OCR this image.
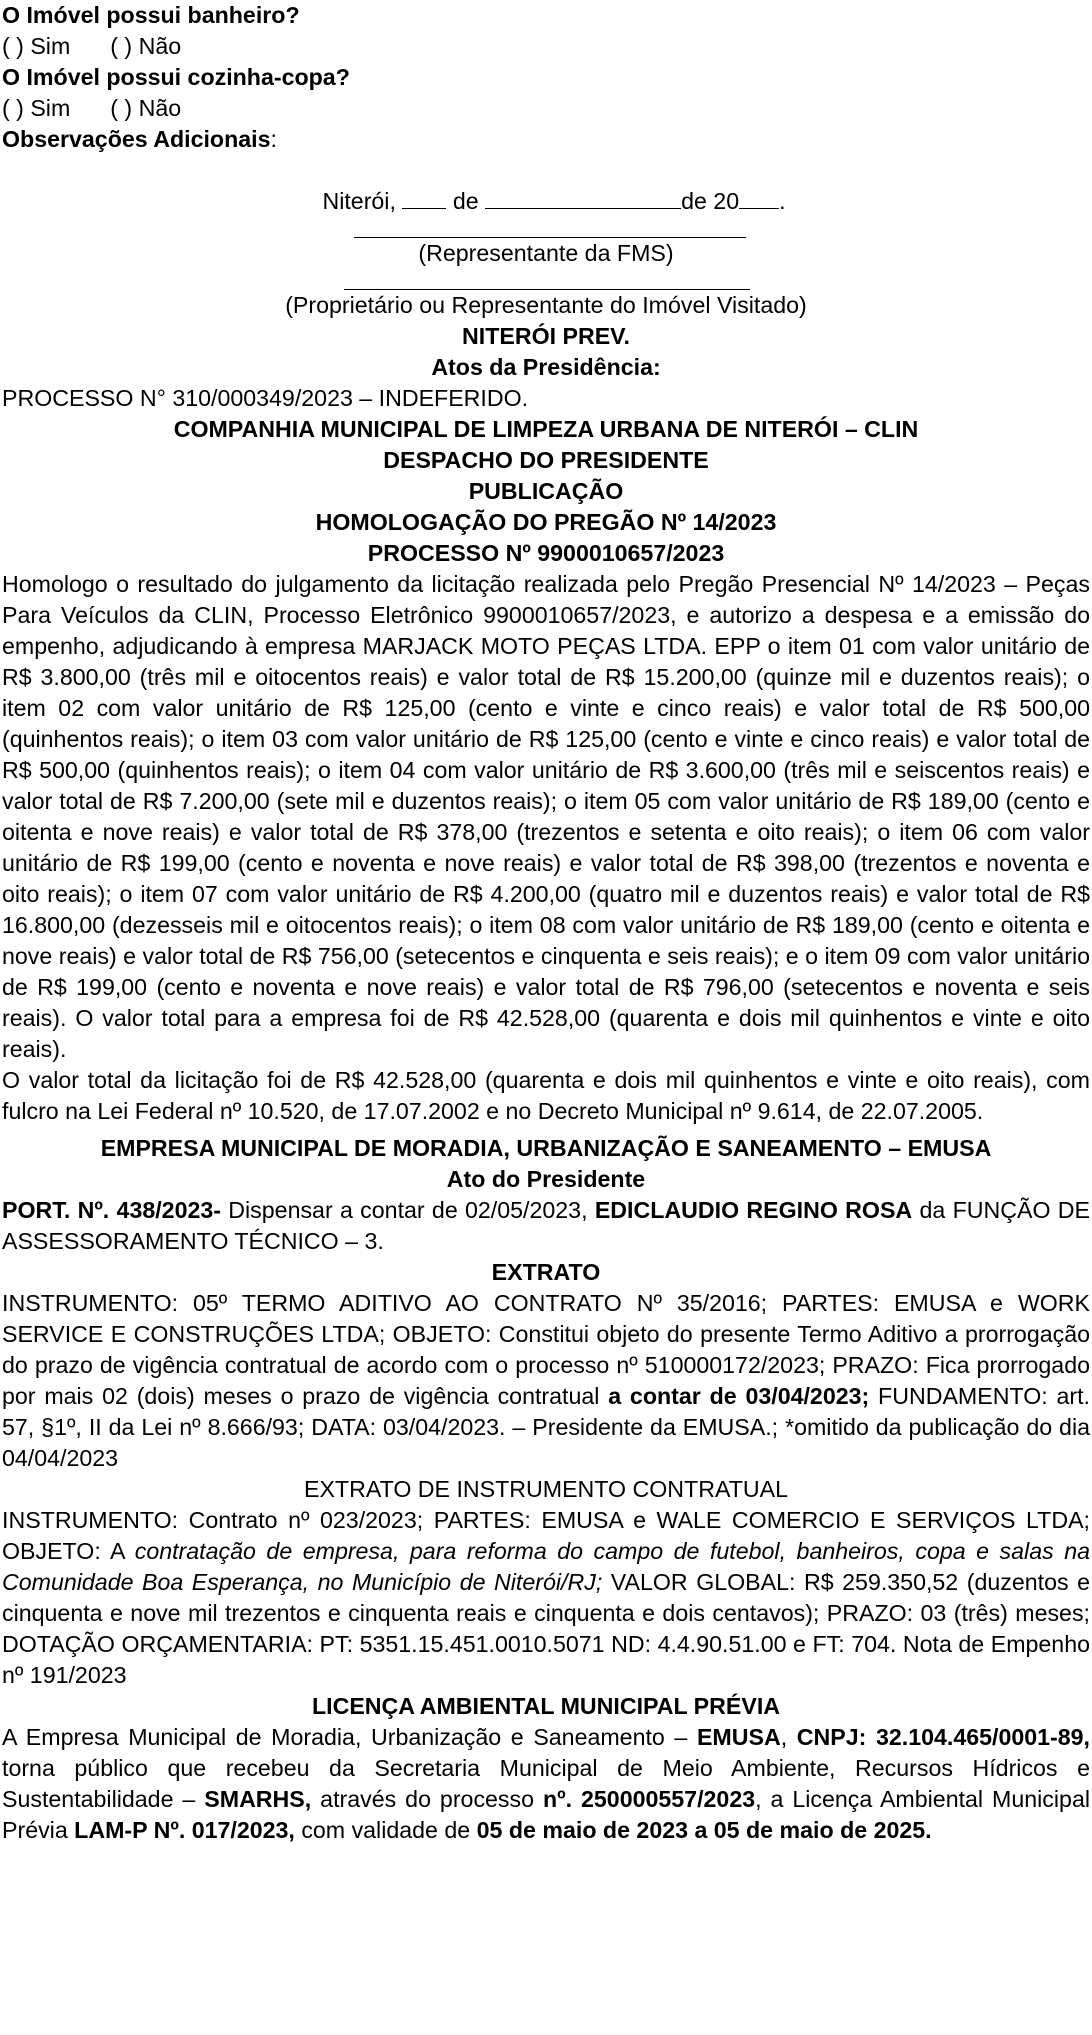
O Imóvel possui banheiro?

( ) Sim ( ) Não

O Imóvel possui cozinha-copa?

( ) Sim ( ) Não

Observações Adicionais:

Niterói, de	de 20 .

(Representante da FMS)

(Proprietário ou Representante do Imóvel Visitado)

NITERÓI PREV.

Atos da Presidência:

PROCESSO N° 310/000349/2023 – INDEFERIDO.

COMPANHIA MUNICIPAL DE LIMPEZA URBANA DE NITERÓI – CLIN

DESPACHO DO PRESIDENTE

PUBLICAÇÃO

HOMOLOGAÇÃO DO PREGÃO Nº 14/2023

PROCESSO Nº 9900010657/2023

Homologo o resultado do julgamento da licitação realizada pelo Pregão Presencial Nº 14/2023 – Peças Para Veículos da CLIN, Processo Eletrônico 9900010657/2023, e autorizo a despesa e a emissão do empenho, adjudicando à empresa MARJACK MOTO PEÇAS LTDA. EPP o item 01 com valor unitário de R$ 3.800,00 (três mil e oitocentos reais) e valor total de R$ 15.200,00 (quinze mil e duzentos reais); o item 02 com valor unitário de R$ 125,00 (cento e vinte e cinco reais) e valor total de R$ 500,00 (quinhentos reais); o item 03 com valor unitário de R$ 125,00 (cento e vinte e cinco reais) e valor total de R$ 500,00 (quinhentos reais); o item 04 com valor unitário de R$ 3.600,00 (três mil e seiscentos reais) e valor total de R$ 7.200,00 (sete mil e duzentos reais); o item 05 com valor unitário de R$ 189,00 (cento e oitenta e nove reais) e valor total de R$ 378,00 (trezentos e setenta e oito reais); o item 06 com valor unitário de R$ 199,00 (cento e noventa e nove reais) e valor total de R$ 398,00 (trezentos e noventa e oito reais); o item 07 com valor unitário de R$ 4.200,00 (quatro mil e duzentos reais) e valor total de R$ 16.800,00 (dezesseis mil e oitocentos reais); o item 08 com valor unitário de R$ 189,00 (cento e oitenta e nove reais) e valor total de R$ 756,00 (setecentos e cinquenta e seis reais); e o item 09 com valor unitário de R$ 199,00 (cento e noventa e nove reais) e valor total de R$ 796,00 (setecentos e noventa e seis reais). O valor total para a empresa foi de R$ 42.528,00 (quarenta e dois mil quinhentos e vinte e oito reais).

O valor total da licitação foi de R$ 42.528,00 (quarenta e dois mil quinhentos e vinte e oito reais), com fulcro na Lei Federal nº 10.520, de 17.07.2002 e no Decreto Municipal nº 9.614, de 22.07.2005.

EMPRESA MUNICIPAL DE MORADIA, URBANIZAÇÃO E SANEAMENTO – EMUSA

Ato do Presidente

PORT. Nº. 438/2023- Dispensar a contar de 02/05/2023, EDICLAUDIO REGINO ROSA da FUNÇÃO DE ASSESSORAMENTO TÉCNICO – 3.

EXTRATO

INSTRUMENTO: 05º TERMO ADITIVO AO CONTRATO Nº 35/2016; PARTES: EMUSA e WORK SERVICE E CONSTRUÇÕES LTDA; OBJETO: Constitui objeto do presente Termo Aditivo a prorrogação do prazo de vigência contratual de acordo com o processo nº 510000172/2023; PRAZO: Fica prorrogado por mais 02 (dois) meses o prazo de vigência contratual a contar de 03/04/2023; FUNDAMENTO: art. 57, §1º, II da Lei nº 8.666/93; DATA: 03/04/2023. – Presidente da EMUSA.; *omitido da publicação do dia 04/04/2023

EXTRATO DE INSTRUMENTO CONTRATUAL

INSTRUMENTO: Contrato nº 023/2023; PARTES: EMUSA e WALE COMERCIO E SERVIÇOS LTDA; OBJETO: A contratação de empresa, para reforma do campo de futebol, banheiros, copa e salas na Comunidade Boa Esperança, no Município de Niterói/RJ; VALOR GLOBAL: R$ 259.350,52 (duzentos e cinquenta e nove mil trezentos e cinquenta reais e cinquenta e dois centavos); PRAZO: 03 (três) meses; DOTAÇÃO ORÇAMENTARIA: PT: 5351.15.451.0010.5071 ND: 4.4.90.51.00 e FT: 704. Nota de Empenho nº 191/2023

LICENÇA AMBIENTAL MUNICIPAL PRÉVIA

A Empresa Municipal de Moradia, Urbanização e Saneamento – EMUSA, CNPJ: 32.104.465/0001-89, torna público que recebeu da Secretaria Municipal de Meio Ambiente, Recursos Hídricos e Sustentabilidade – SMARHS, através do processo nº. 250000557/2023, a Licença Ambiental Municipal Prévia LAM-P Nº. 017/2023, com validade de 05 de maio de 2023 a 05 de maio de 2025.
